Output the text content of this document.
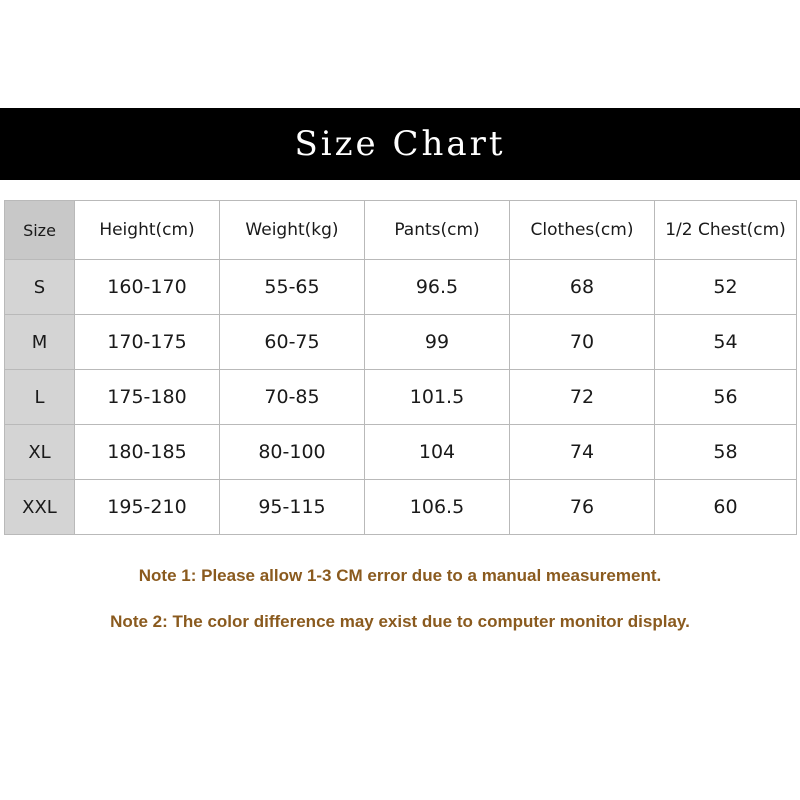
Size Chart
Size	Height(cm)	Weight(kg)	Pants(cm)	Clothes(cm)	1/2 Chest(cm)
S	160-170	55-65	96.5	68	52
M	170-175	60-75	99	70	54
L	175-180	70-85	101.5	72	56
XL	180-185	80-100	104	74	58
XXL	195-210	95-115	106.5	76	60
Note 1: Please allow 1-3 CM error due to a manual measurement.
Note 2: The color difference may exist due to computer monitor display.
